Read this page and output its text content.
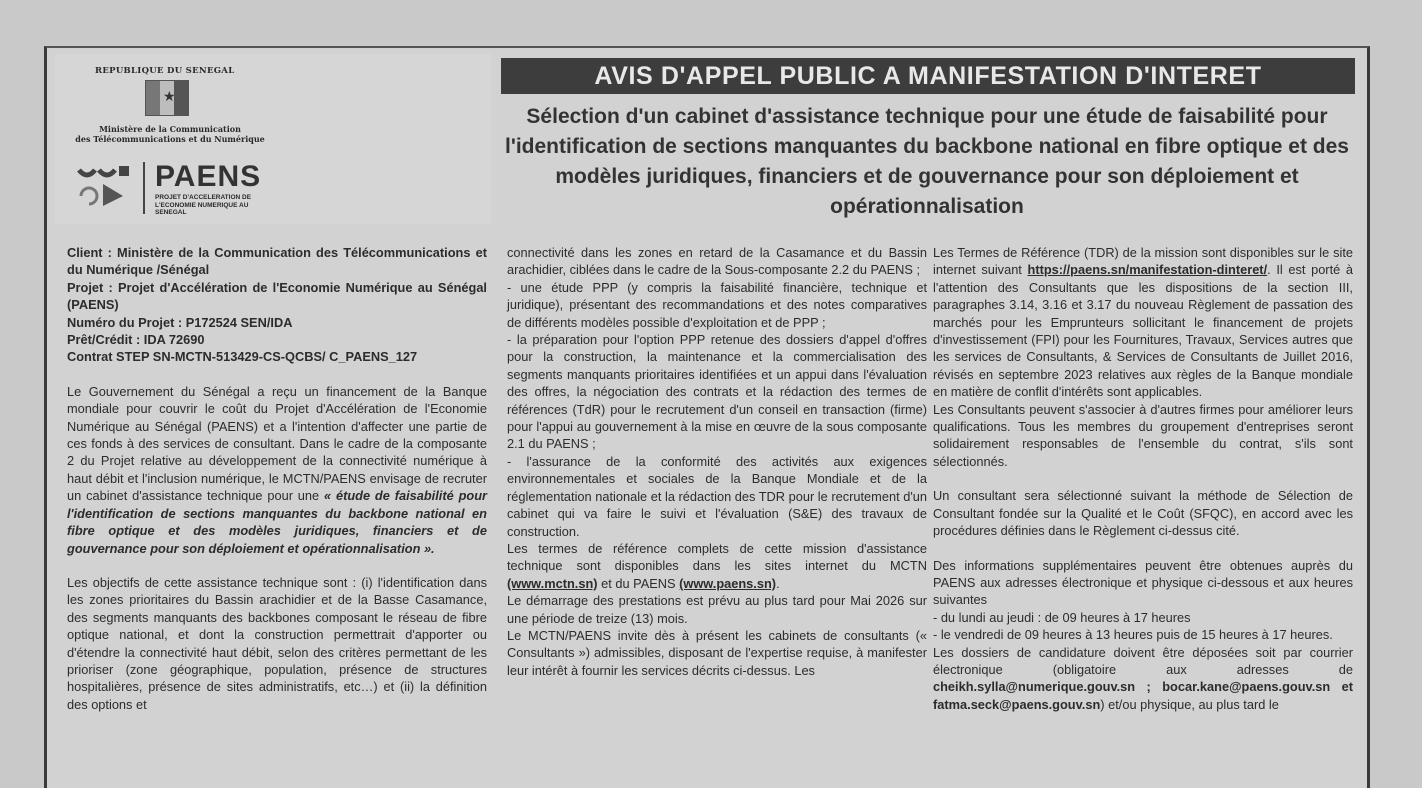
REPUBLIQUE DU SENEGAL
★
Ministère de la Communication
des Télécommunications et du Numérique
PAENS
PROJET D'ACCELERATION DE L'ECONOMIE NUMERIQUE AU SENEGAL
AVIS D'APPEL PUBLIC A MANIFESTATION D'INTERET
Sélection d'un cabinet d'assistance technique pour une étude de faisabilité pour l'identification de sections manquantes du backbone national en fibre optique et des modèles juridiques, financiers et de gouvernance pour son déploiement et opérationnalisation

Client : Ministère de la Communication des Télécommunications et du Numérique /Sénégal

Projet : Projet d'Accélération de l'Economie Numérique au Sénégal (PAENS)

Numéro du Projet : P172524 SEN/IDA

Prêt/Crédit : IDA 72690

Contrat STEP SN-MCTN-513429-CS-QCBS/ C_PAENS_127

Le Gouvernement du Sénégal a reçu un financement de la Banque mondiale pour couvrir le coût du Projet d'Accélération de l'Economie Numérique au Sénégal (PAENS) et a l'intention d'affecter une partie de ces fonds à des services de consultant. Dans le cadre de la composante 2 du Projet relative au développement de la connectivité numérique à haut débit et l'inclusion numérique, le MCTN/PAENS envisage de recruter un cabinet d'assistance technique pour une « étude de faisabilité pour l'identification de sections manquantes du backbone national en fibre optique et des modèles juridiques, financiers et de gouvernance pour son déploiement et opérationnalisation ».

Les objectifs de cette assistance technique sont : (i) l'identification dans les zones prioritaires du Bassin arachidier et de la Basse Casamance, des segments manquants des backbones composant le réseau de fibre optique national, et dont la construction permettrait d'apporter ou d'étendre la connectivité haut débit, selon des critères permettant de les prioriser (zone géographique, population, présence de structures hospitalières, présence de sites administratifs, etc…) et (ii) la définition des options et

connectivité dans les zones en retard de la Casamance et du Bassin arachidier, ciblées dans le cadre de la Sous-composante 2.2 du PAENS ;

- une étude PPP (y compris la faisabilité financière, technique et juridique), présentant des recommandations et des notes comparatives de différents modèles possible d'exploitation et de PPP ;

- la préparation pour l'option PPP retenue des dossiers d'appel d'offres pour la construction, la maintenance et la commercialisation des segments manquants prioritaires identifiées et un appui dans l'évaluation des offres, la négociation des contrats et la rédaction des termes de références (TdR) pour le recrutement d'un conseil en transaction (firme) pour l'appui au gouvernement à la mise en œuvre de la sous composante 2.1 du PAENS ;

- l'assurance de la conformité des activités aux exigences environnementales et sociales de la Banque Mondiale et de la réglementation nationale et la rédaction des TDR pour le recrutement d'un cabinet qui va faire le suivi et l'évaluation (S&E) des travaux de construction.

Les termes de référence complets de cette mission d'assistance technique sont disponibles dans les sites internet du MCTN (www.mctn.sn) et du PAENS (www.paens.sn).

Le démarrage des prestations est prévu au plus tard pour Mai 2026 sur une période de treize (13) mois.

Le MCTN/PAENS invite dès à présent les cabinets de consultants (« Consultants ») admissibles, disposant de l'expertise requise, à manifester leur intérêt à fournir les services décrits ci-dessus. Les

Les Termes de Référence (TDR) de la mission sont disponibles sur le site internet suivant https://paens.sn/manifestation-dinteret/. Il est porté à l'attention des Consultants que les dispositions de la section III, paragraphes 3.14, 3.16 et 3.17 du nouveau Règlement de passation des marchés pour les Emprunteurs sollicitant le financement de projets d'investissement (FPI) pour les Fournitures, Travaux, Services autres que les services de Consultants, & Services de Consultants de Juillet 2016, révisés en septembre 2023 relatives aux règles de la Banque mondiale en matière de conflit d'intérêts sont applicables.

Les Consultants peuvent s'associer à d'autres firmes pour améliorer leurs qualifications. Tous les membres du groupement d'entreprises seront solidairement responsables de l'ensemble du contrat, s'ils sont sélectionnés.

Un consultant sera sélectionné suivant la méthode de Sélection de Consultant fondée sur la Qualité et le Coût (SFQC), en accord avec les procédures définies dans le Règlement ci-dessus cité.

Des informations supplémentaires peuvent être obtenues auprès du PAENS aux adresses électronique et physique ci-dessous et aux heures suivantes

- du lundi au jeudi : de 09 heures à 17 heures

- le vendredi de 09 heures à 13 heures puis de 15 heures à 17 heures.

Les dossiers de candidature doivent être déposées soit par courrier électronique (obligatoire aux adresses de cheikh.sylla@numerique.gouv.sn ; bocar.kane@paens.gouv.sn et fatma.seck@paens.gouv.sn) et/ou physique, au plus tard le
